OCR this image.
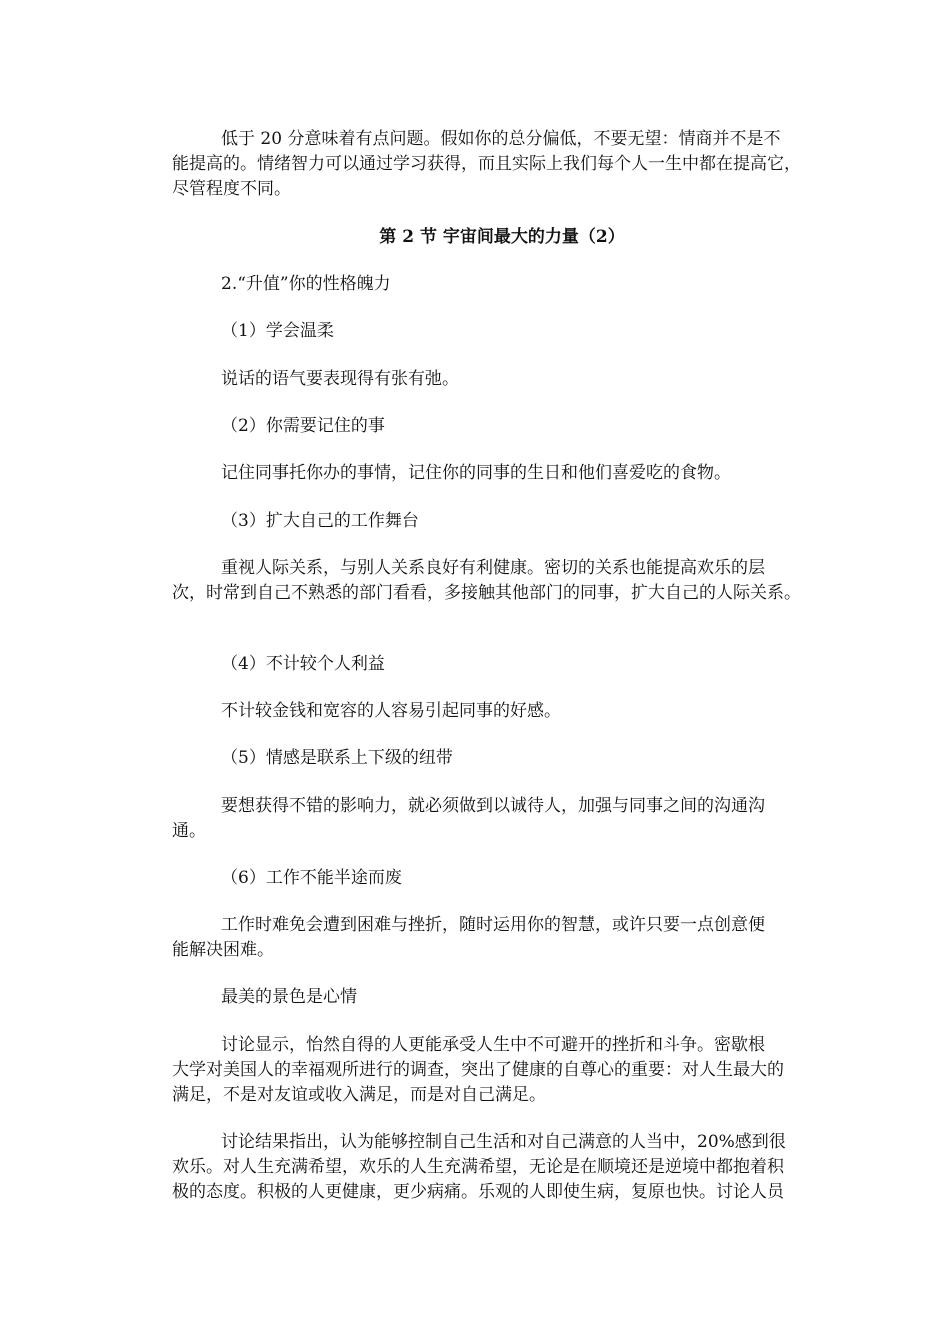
低于 20 分意味着有点问题。假如你的总分偏低，不要无望：情商并不是不
能提高的。情绪智力可以通过学习获得，而且实际上我们每个人一生中都在提高它，
尽管程度不同。
第 2 节 宇宙间最大的力量（2）
2.“升值”你的性格魄力
（1）学会温柔
说话的语气要表现得有张有弛。
（2）你需要记住的事
记住同事托你办的事情，记住你的同事的生日和他们喜爱吃的食物。
（3）扩大自己的工作舞台
重视人际关系，与别人关系良好有利健康。密切的关系也能提高欢乐的层
次，时常到自己不熟悉的部门看看，多接触其他部门的同事，扩大自己的人际关系。
（4）不计较个人利益
不计较金钱和宽容的人容易引起同事的好感。
（5）情感是联系上下级的纽带
要想获得不错的影响力，就必须做到以诚待人，加强与同事之间的沟通沟
通。
（6）工作不能半途而废
工作时难免会遭到困难与挫折，随时运用你的智慧，或许只要一点创意便
能解决困难。
最美的景色是心情
讨论显示，怡然自得的人更能承受人生中不可避开的挫折和斗争。密歇根
大学对美国人的幸福观所进行的调查，突出了健康的自尊心的重要：对人生最大的
满足，不是对友谊或收入满足，而是对自己满足。
讨论结果指出，认为能够控制自己生活和对自己满意的人当中，20%感到很
欢乐。对人生充满希望，欢乐的人生充满希望，无论是在顺境还是逆境中都抱着积
极的态度。积极的人更健康，更少病痛。乐观的人即使生病，复原也快。讨论人员
